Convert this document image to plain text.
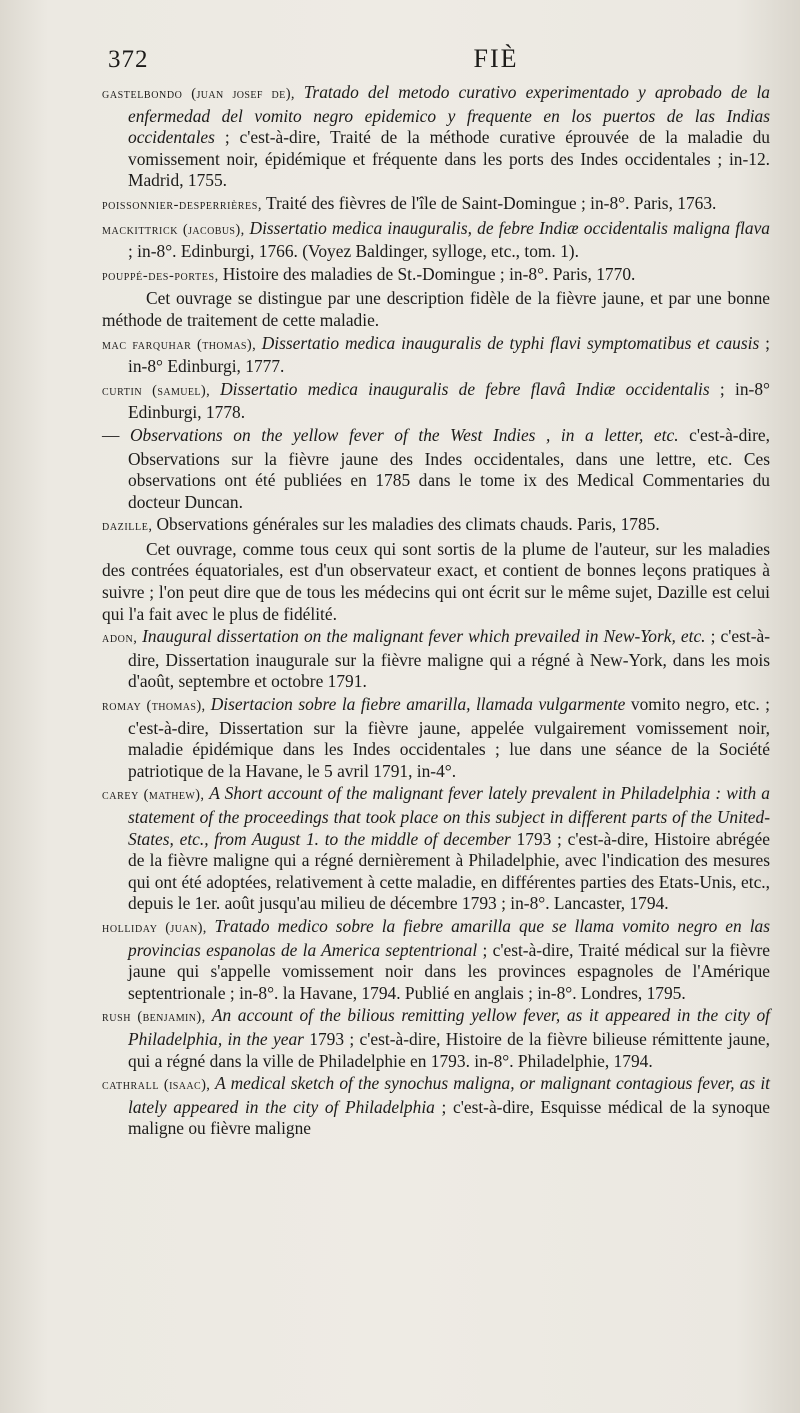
372	FIÈ

gastelbondo (juan josef de), Tratado del metodo curativo experimentado y aprobado de la enfermedad del vomito negro epidemico y frequente en los puertos de las Indias occidentales ; c'est-à-dire, Traité de la méthode curative éprouvée de la maladie du vomissement noir, épidémique et fréquente dans les ports des Indes occidentales ; in-12. Madrid, 1755.

poissonnier-desperrières, Traité des fièvres de l'île de Saint-Domingue ; in-8°. Paris, 1763.

mackittrick (jacobus), Dissertatio medica inauguralis, de febre Indiæ occidentalis maligna flava ; in-8°. Edinburgi, 1766. (Voyez Baldinger, sylloge, etc., tom. 1).

pouppé-des-portes, Histoire des maladies de St.-Domingue ; in-8°. Paris, 1770.

Cet ouvrage se distingue par une description fidèle de la fièvre jaune, et par une bonne méthode de traitement de cette maladie.

mac farquhar (thomas), Dissertatio medica inauguralis de typhi flavi symptomatibus et causis ; in-8° Edinburgi, 1777.

curtin (samuel), Dissertatio medica inauguralis de febre flavâ Indiæ occidentalis ; in-8° Edinburgi, 1778.

— Observations on the yellow fever of the West Indies , in a letter, etc. c'est-à-dire, Observations sur la fièvre jaune des Indes occidentales, dans une lettre, etc. Ces observations ont été publiées en 1785 dans le tome ix des Medical Commentaries du docteur Duncan.

dazille, Observations générales sur les maladies des climats chauds. Paris, 1785.

Cet ouvrage, comme tous ceux qui sont sortis de la plume de l'auteur, sur les maladies des contrées équatoriales, est d'un observateur exact, et contient de bonnes leçons pratiques à suivre ; l'on peut dire que de tous les médecins qui ont écrit sur le même sujet, Dazille est celui qui l'a fait avec le plus de fidélité.

adon, Inaugural dissertation on the malignant fever which prevailed in New-York, etc. ; c'est-à-dire, Dissertation inaugurale sur la fièvre maligne qui a régné à New-York, dans les mois d'août, septembre et octobre 1791.

romay (thomas), Disertacion sobre la fiebre amarilla, llamada vulgarmente vomito negro, etc. ; c'est-à-dire, Dissertation sur la fièvre jaune, appelée vulgairement vomissement noir, maladie épidémique dans les Indes occidentales ; lue dans une séance de la Société patriotique de la Havane, le 5 avril 1791, in-4°.

carey (mathew), A Short account of the malignant fever lately prevalent in Philadelphia : with a statement of the proceedings that took place on this subject in different parts of the United-States, etc., from August 1. to the middle of december 1793 ; c'est-à-dire, Histoire abrégée de la fièvre maligne qui a régné dernièrement à Philadelphie, avec l'indication des mesures qui ont été adoptées, relativement à cette maladie, en différentes parties des Etats-Unis, etc., depuis le 1er. août jusqu'au milieu de décembre 1793 ; in-8°. Lancaster, 1794.

holliday (juan), Tratado medico sobre la fiebre amarilla que se llama vomito negro en las provincias espanolas de la America septentrional ; c'est-à-dire, Traité médical sur la fièvre jaune qui s'appelle vomissement noir dans les provinces espagnoles de l'Amérique septentrionale ; in-8°. la Havane, 1794. Publié en anglais ; in-8°. Londres, 1795.

rush (benjamin), An account of the bilious remitting yellow fever, as it appeared in the city of Philadelphia, in the year 1793 ; c'est-à-dire, Histoire de la fièvre bilieuse rémittente jaune, qui a régné dans la ville de Philadelphie en 1793. in-8°. Philadelphie, 1794.

cathrall (isaac), A medical sketch of the synochus maligna, or malignant contagious fever, as it lately appeared in the city of Philadelphia ; c'est-à-dire, Esquisse médical de la synoque maligne ou fièvre maligne
